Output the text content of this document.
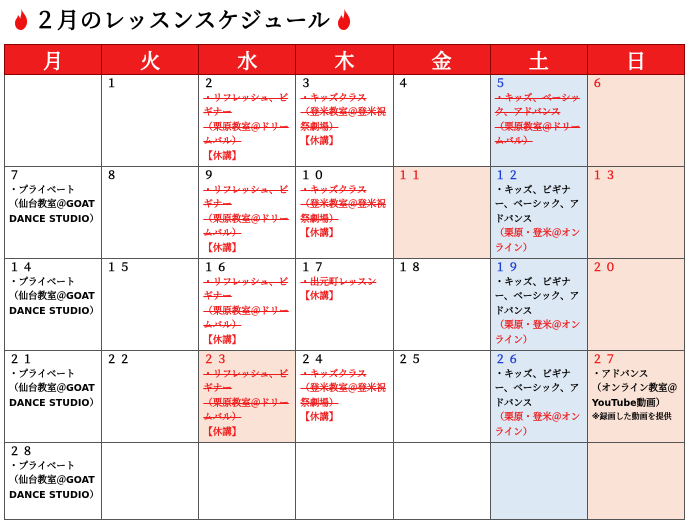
２月のレッスンスケジュール
月	火	水	木	金	土	日

	１	２
・リフレッシュ、ビギナー
（栗原教室＠ドリームバル）
【休講】	３
・キッズクラス
（登米教室＠登米祝祭劇場）
【休講】	４	５
・キッズ、ベーシック、アドバンス
（栗原教室＠ドリームバル）	６

７
・プライベート
（仙台教室＠GOAT DANCE STUDIO）	８	９
・リフレッシュ、ビギナー
（栗原教室＠ドリームバル）
【休講】	１０
・キッズクラス
（登米教室＠登米祝祭劇場）
【休講】	１１	１２
・キッズ、ビギナー、ベーシック、アドバンス
（栗原・登米＠オンライン）	１３

１４
・プライベート
（仙台教室＠GOAT DANCE STUDIO）	１５	１６
・リフレッシュ、ビギナー
（栗原教室＠ドリームバル）
【休講】	１７
・出元町レッスン
【休講】	１８	１９
・キッズ、ビギナー、ベーシック、アドバンス
（栗原・登米＠オンライン）	２０

２１
・プライベート
（仙台教室＠GOAT DANCE STUDIO）	２２	２３
・リフレッシュ、ビギナー
（栗原教室＠ドリームバル）
【休講】	２４
・キッズクラス
（登米教室＠登米祝祭劇場）
【休講】	２５	２６
・キッズ、ビギナー、ベーシック、アドバンス
（栗原・登米＠オンライン）	２７
・アドバンス
（オンライン教室＠YouTube動画）
※録画した動画を提供

２８
・プライベート
（仙台教室＠GOAT DANCE STUDIO）						
